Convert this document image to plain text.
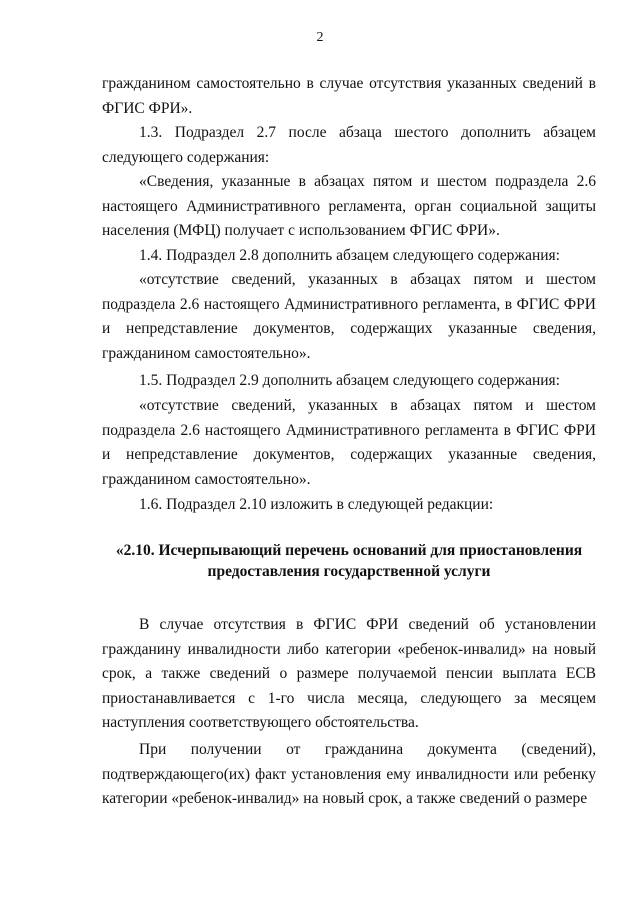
2

гражданином самостоятельно в случае отсутствия указанных сведений в ФГИС ФРИ».

1.3. Подраздел 2.7 после абзаца шестого дополнить абзацем следующего содержания:

«Сведения, указанные в абзацах пятом и шестом подраздела 2.6 настоящего Административного регламента, орган социальной защиты населения (МФЦ) получает с использованием ФГИС ФРИ».

1.4. Подраздел 2.8 дополнить абзацем следующего содержания:

«отсутствие сведений, указанных в абзацах пятом и шестом подраздела 2.6 настоящего Административного регламента, в ФГИС ФРИ и непредставление документов, содержащих указанные сведения, гражданином самостоятельно».

1.5. Подраздел 2.9 дополнить абзацем следующего содержания:

«отсутствие сведений, указанных в абзацах пятом и шестом подраздела 2.6 настоящего Административного регламента в ФГИС ФРИ и непредставление документов, содержащих указанные сведения, гражданином самостоятельно».

1.6. Подраздел 2.10 изложить в следующей редакции:

«2.10. Исчерпывающий перечень оснований для приостановления

предоставления государственной услуги

В случае отсутствия в ФГИС ФРИ сведений об установлении гражданину инвалидности либо категории «ребенок-инвалид» на новый срок, а также сведений о размере получаемой пенсии выплата ЕСВ приостанавливается с 1-го числа месяца, следующего за месяцем наступления соответствующего обстоятельства.

При получении от гражданина документа (сведений), подтверждающего(их) факт установления ему инвалидности или ребенку категории «ребенок-инвалид» на новый срок, а также сведений о размере
